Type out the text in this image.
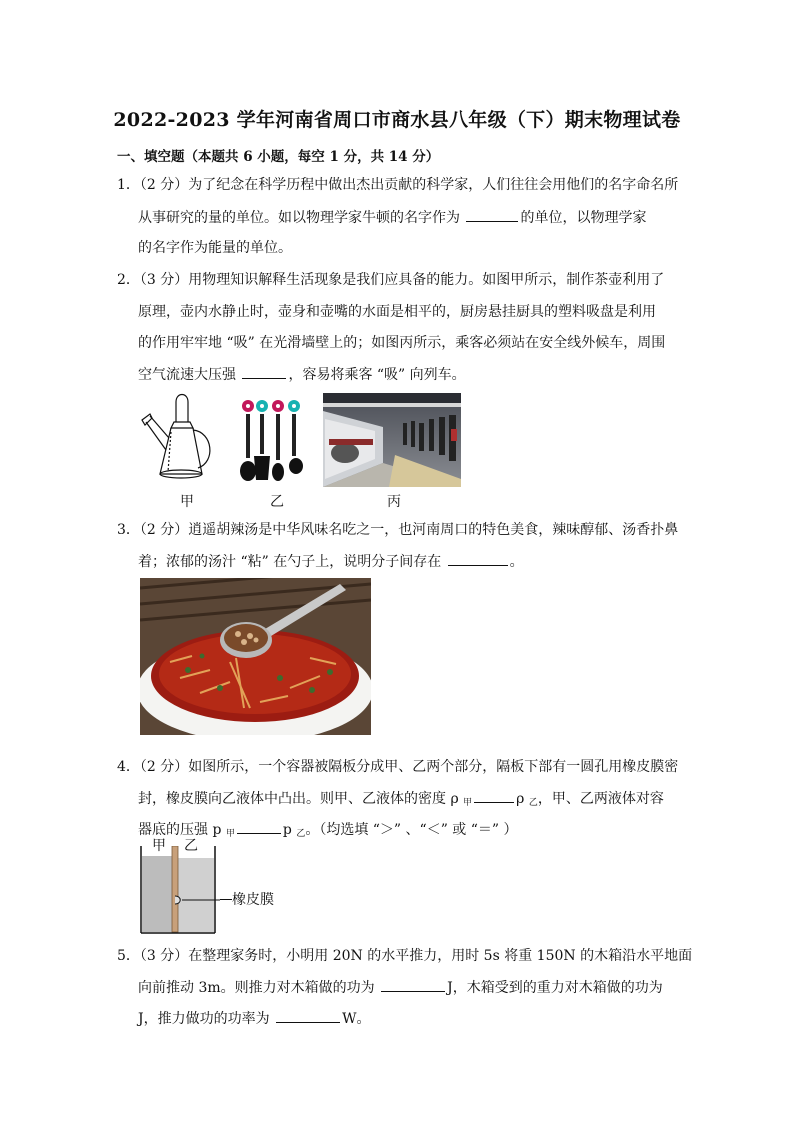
2022-2023 学年河南省周口市商水县八年级（下）期末物理试卷
一、填空题（本题共 6 小题，每空 1 分，共 14 分）
1．（2 分）为了纪念在科学历程中做出杰出贡献的科学家，人们往往会用他们的名字命名所
从事研究的量的单位。如以物理学家牛顿的名字作为	的单位，以物理学家
的名字作为能量的单位。
2．（3 分）用物理知识解释生活现象是我们应具备的能力。如图甲所示，制作茶壶利用了
原理，壶内水静止时，壶身和壶嘴的水面是相平的，厨房悬挂厨具的塑料吸盘是利用
的作用牢牢地 “吸” 在光滑墙壁上的；如图丙所示，乘客必须站在安全线外候车，周围
空气流速大压强	，容易将乘客 “吸” 向列车。
甲	乙	丙
3．（2 分）逍遥胡辣汤是中华风味名吃之一，也河南周口的特色美食，辣味醇郁、汤香扑鼻
着；浓郁的汤汁 “粘” 在勺子上，说明分子间存在	。
4．（2 分）如图所示，一个容器被隔板分成甲、乙两个部分，隔板下部有一圆孔用橡皮膜密
封，橡皮膜向乙液体中凸出。则甲、乙液体的密度 ρ $_甲$	ρ $_乙$，甲、乙两液体对容
器底的压强 p $_甲$	p $_乙$。（均选填 “＞” 、“＜” 或 “＝” ）
甲 乙
橡皮膜
5．（3 分）在整理家务时，小明用 20N 的水平推力，用时 5s 将重 150N 的木箱沿水平地面
向前推动 3m。则推力对木箱做的功为	J，木箱受到的重力对木箱做的功为
J，推力做功的功率为	W。
